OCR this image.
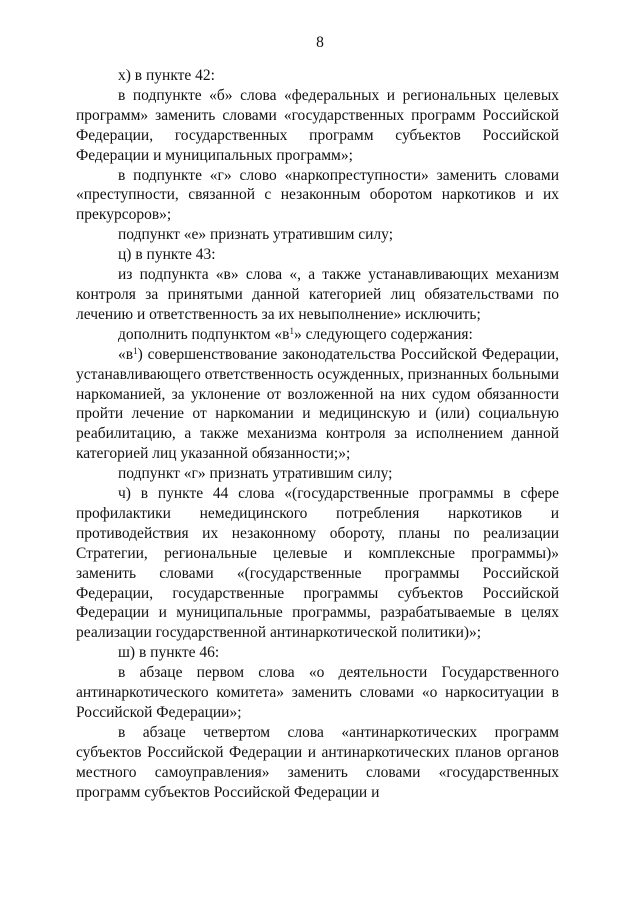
8

х) в пункте 42:

в подпункте «б» слова «федеральных и региональных целевых программ» заменить словами «государственных программ Российской Федерации, государственных программ субъектов Российской Федерации и муниципальных программ»;

в подпункте «г» слово «наркопреступности» заменить словами «преступности, связанной с незаконным оборотом наркотиков и их прекурсоров»;

подпункт «е» признать утратившим силу;

ц) в пункте 43:

из подпункта «в» слова «, а также устанавливающих механизм контроля за принятыми данной категорией лиц обязательствами по лечению и ответственность за их невыполнение» исключить;

дополнить подпунктом «$в^1$» следующего содержания:

«$в^1$) совершенствование законодательства Российской Федерации, устанавливающего ответственность осужденных, признанных больными наркоманией, за уклонение от возложенной на них судом обязанности пройти лечение от наркомании и медицинскую и (или) социальную реабилитацию, а также механизма контроля за исполнением данной категорией лиц указанной обязанности;»;

подпункт «г» признать утратившим силу;

ч) в пункте 44 слова «(государственные программы в сфере профилактики немедицинского потребления наркотиков и противодействия их незаконному обороту, планы по реализации Стратегии, региональные целевые и комплексные программы)» заменить словами «(государственные программы Российской Федерации, государственные программы субъектов Российской Федерации и муниципальные программы, разрабатываемые в целях реализации государственной антинаркотической политики)»;

ш) в пункте 46:

в абзаце первом слова «о деятельности Государственного антинаркотического комитета» заменить словами «о наркоситуации в Российской Федерации»;

в абзаце четвертом слова «антинаркотических программ субъектов Российской Федерации и антинаркотических планов органов местного самоуправления» заменить словами «государственных программ субъектов Российской Федерации и
